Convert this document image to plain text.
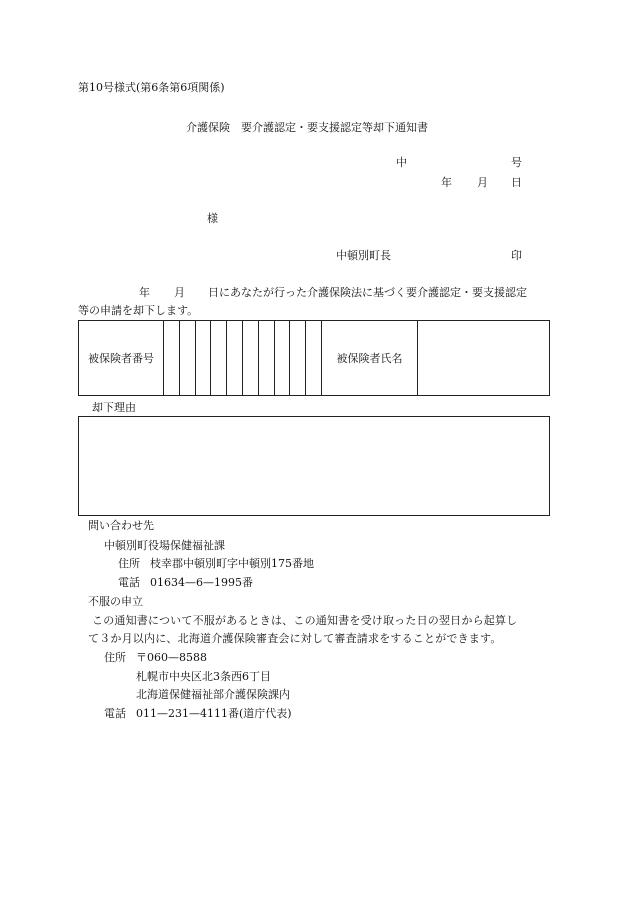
第10号様式(第6条第6項関係)
介護保険　要介護認定・要支援認定等却下通知書
中	号
年 月 日
様
中頓別町長	印
年 月 日にあなたが行った介護保険法に基づく要介護認定・要支援認定
等の申請を却下します。
被保険者番号	被保険者氏名
却下理由
問い合わせ先
中頓別町役場保健福祉課
住所 枝幸郡中頓別町字中頓別175番地
電話 01634—6—1995番
不服の申立
この通知書について不服があるときは、この通知書を受け取った日の翌日から起算し
て３か月以内に、北海道介護保険審査会に対して審査請求をすることができます。
住所 〒060—8588
札幌市中央区北3条西6丁目
北海道保健福祉部介護保険課内
電話 011—231—4111番(道庁代表)
